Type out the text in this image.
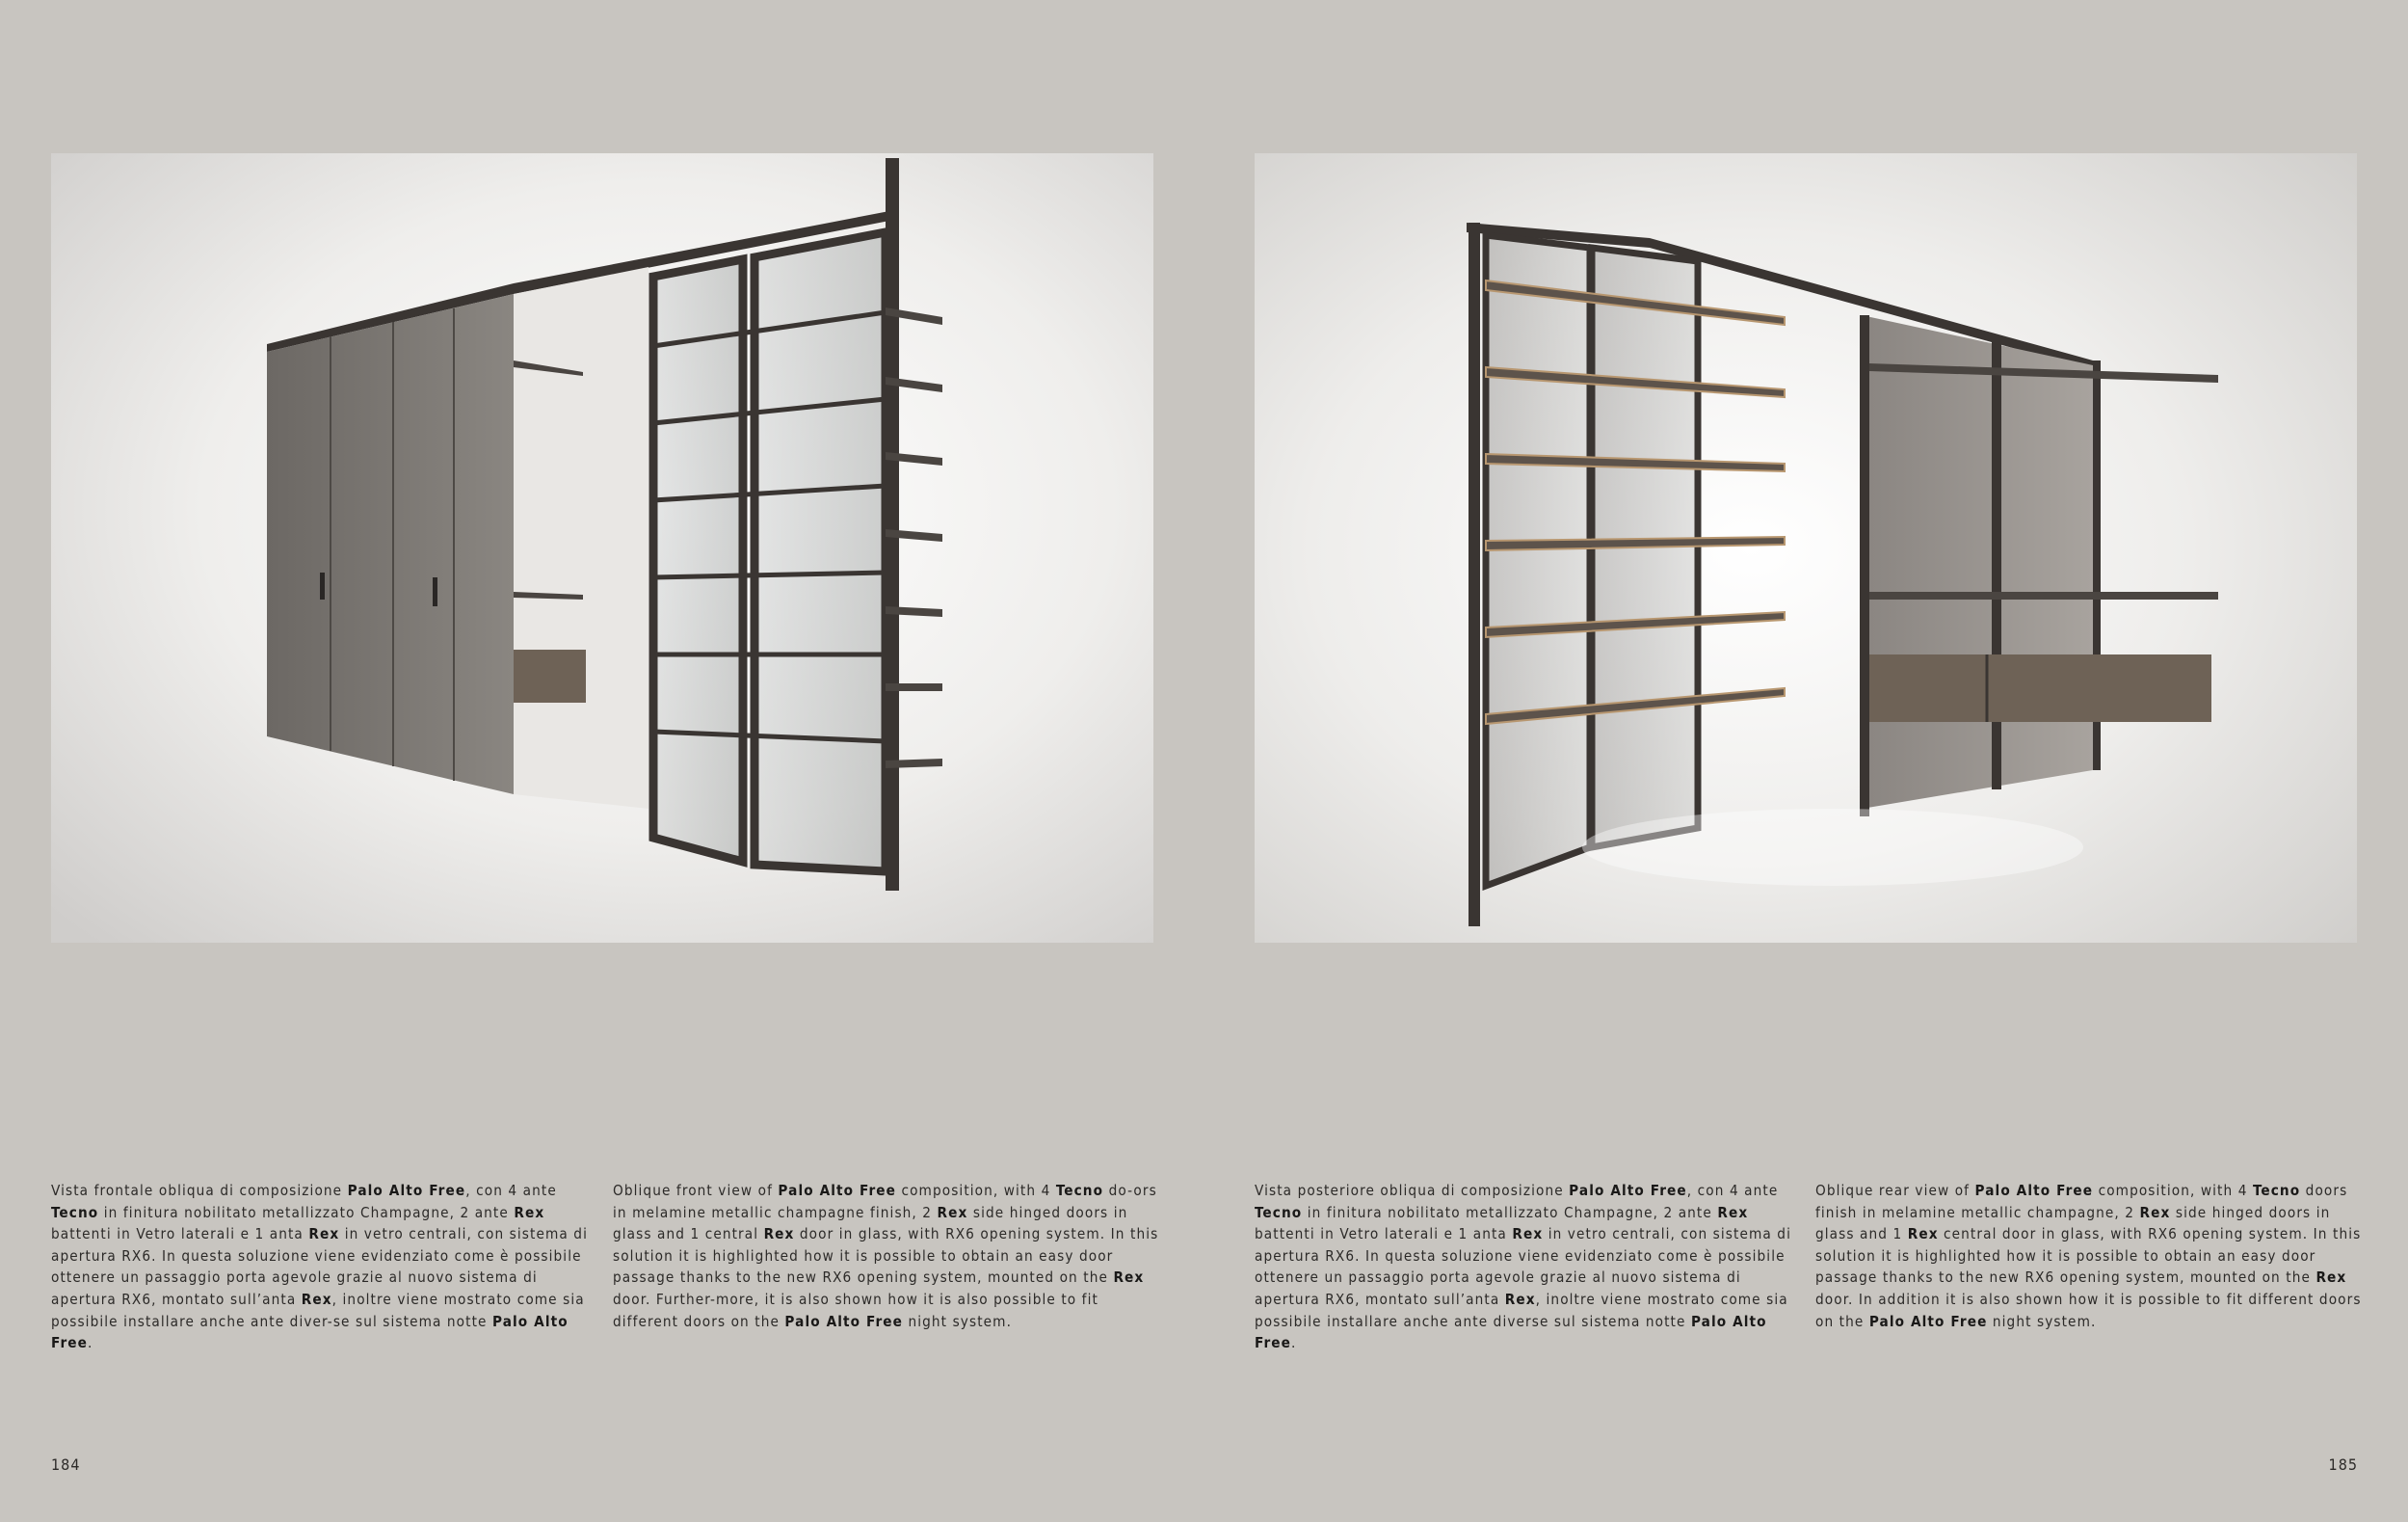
Vista frontale obliqua di composizione Palo Alto Free, con 4 ante Tecno in finitura nobilitato metallizzato Champagne, 2 ante Rex battenti in Vetro laterali e 1 anta Rex in vetro centrali, con sistema di apertura RX6. In questa soluzione viene evidenziato come è possibile ottenere un passaggio porta agevole grazie al nuovo sistema di apertura RX6, montato sull’anta Rex, inoltre viene mostrato come sia possibile installare anche ante diver-se sul sistema notte Palo Alto Free.
Oblique front view of Palo Alto Free composition, with 4 Tecno do-ors in melamine metallic champagne finish, 2 Rex side hinged doors in glass and 1 central Rex door in glass, with RX6 opening system. In this solution it is highlighted how it is possible to obtain an easy door passage thanks to the new RX6 opening system, mounted on the Rex door. Further-more, it is also shown how it is also possible to fit different doors on the Palo Alto Free night system.
Vista posteriore obliqua di composizione Palo Alto Free, con 4 ante Tecno in finitura nobilitato metallizzato Champagne, 2 ante Rex battenti in Vetro laterali e 1 anta Rex in vetro centrali, con sistema di apertura RX6. In questa soluzione viene evidenziato come è possibile ottenere un passaggio porta agevole grazie al nuovo sistema di apertura RX6, montato sull’anta Rex, inoltre viene mostrato come sia possibile installare anche ante diverse sul sistema notte Palo Alto Free.
Oblique rear view of Palo Alto Free composition, with 4 Tecno doors finish in melamine metallic champagne, 2 Rex side hinged doors in glass and 1 Rex central door in glass, with RX6 opening system. In this solution it is highlighted how it is possible to obtain an easy door passage thanks to the new RX6 opening system, mounted on the Rex door. In addition it is also shown how it is possible to fit different doors on the Palo Alto Free night system.
184	185
